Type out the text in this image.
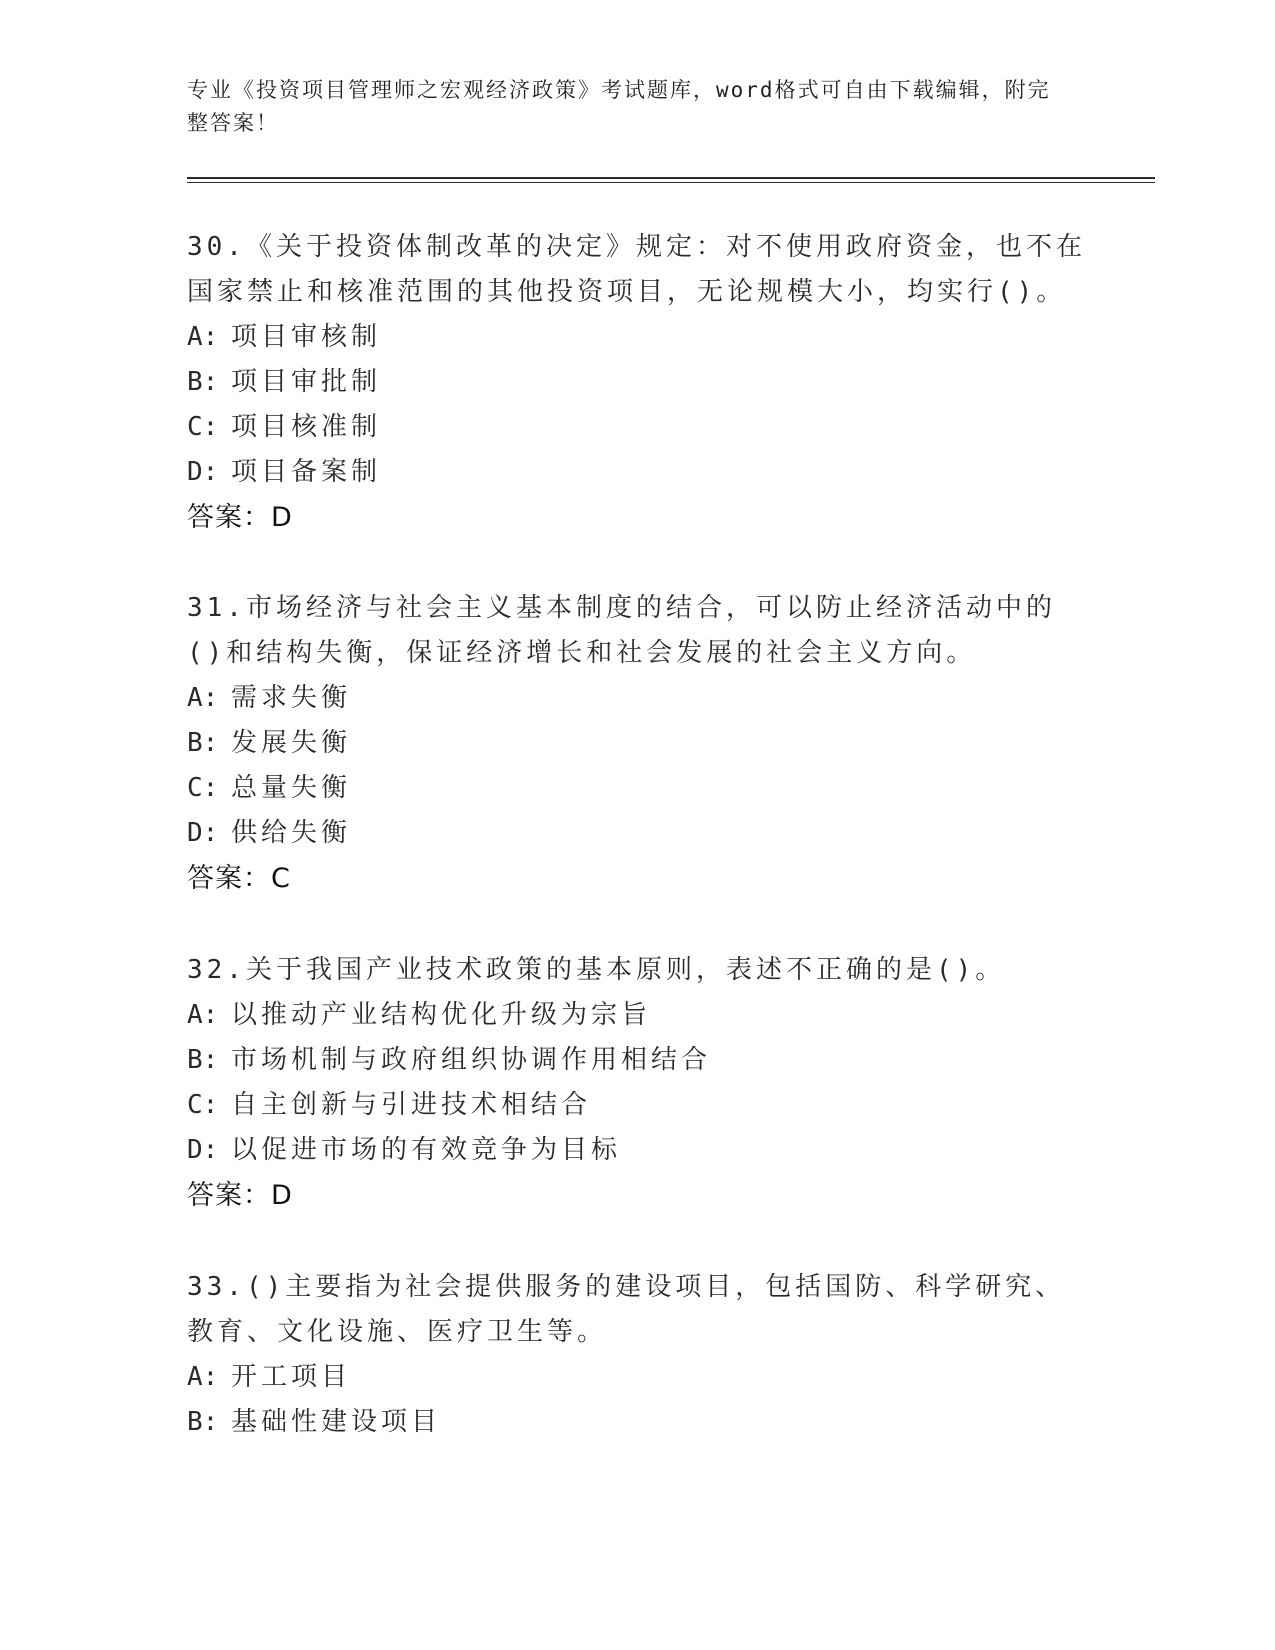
专业《投资项目管理师之宏观经济政策》考试题库，word格式可自由下载编辑，附完整答案！

30.《关于投资体制改革的决定》规定：对不使用政府资金，也不在国家禁止和核准范围的其他投资项目，无论规模大小，均实行()。

A: 项目审核制

B: 项目审批制

C: 项目核准制

D: 项目备案制

答案：D

31.市场经济与社会主义基本制度的结合，可以防止经济活动中的()和结构失衡，保证经济增长和社会发展的社会主义方向。

A: 需求失衡

B: 发展失衡

C: 总量失衡

D: 供给失衡

答案：C

32.关于我国产业技术政策的基本原则，表述不正确的是()。

A: 以推动产业结构优化升级为宗旨

B: 市场机制与政府组织协调作用相结合

C: 自主创新与引进技术相结合

D: 以促进市场的有效竞争为目标

答案：D

33.()主要指为社会提供服务的建设项目，包括国防、科学研究、教育、文化设施、医疗卫生等。

A: 开工项目

B: 基础性建设项目
